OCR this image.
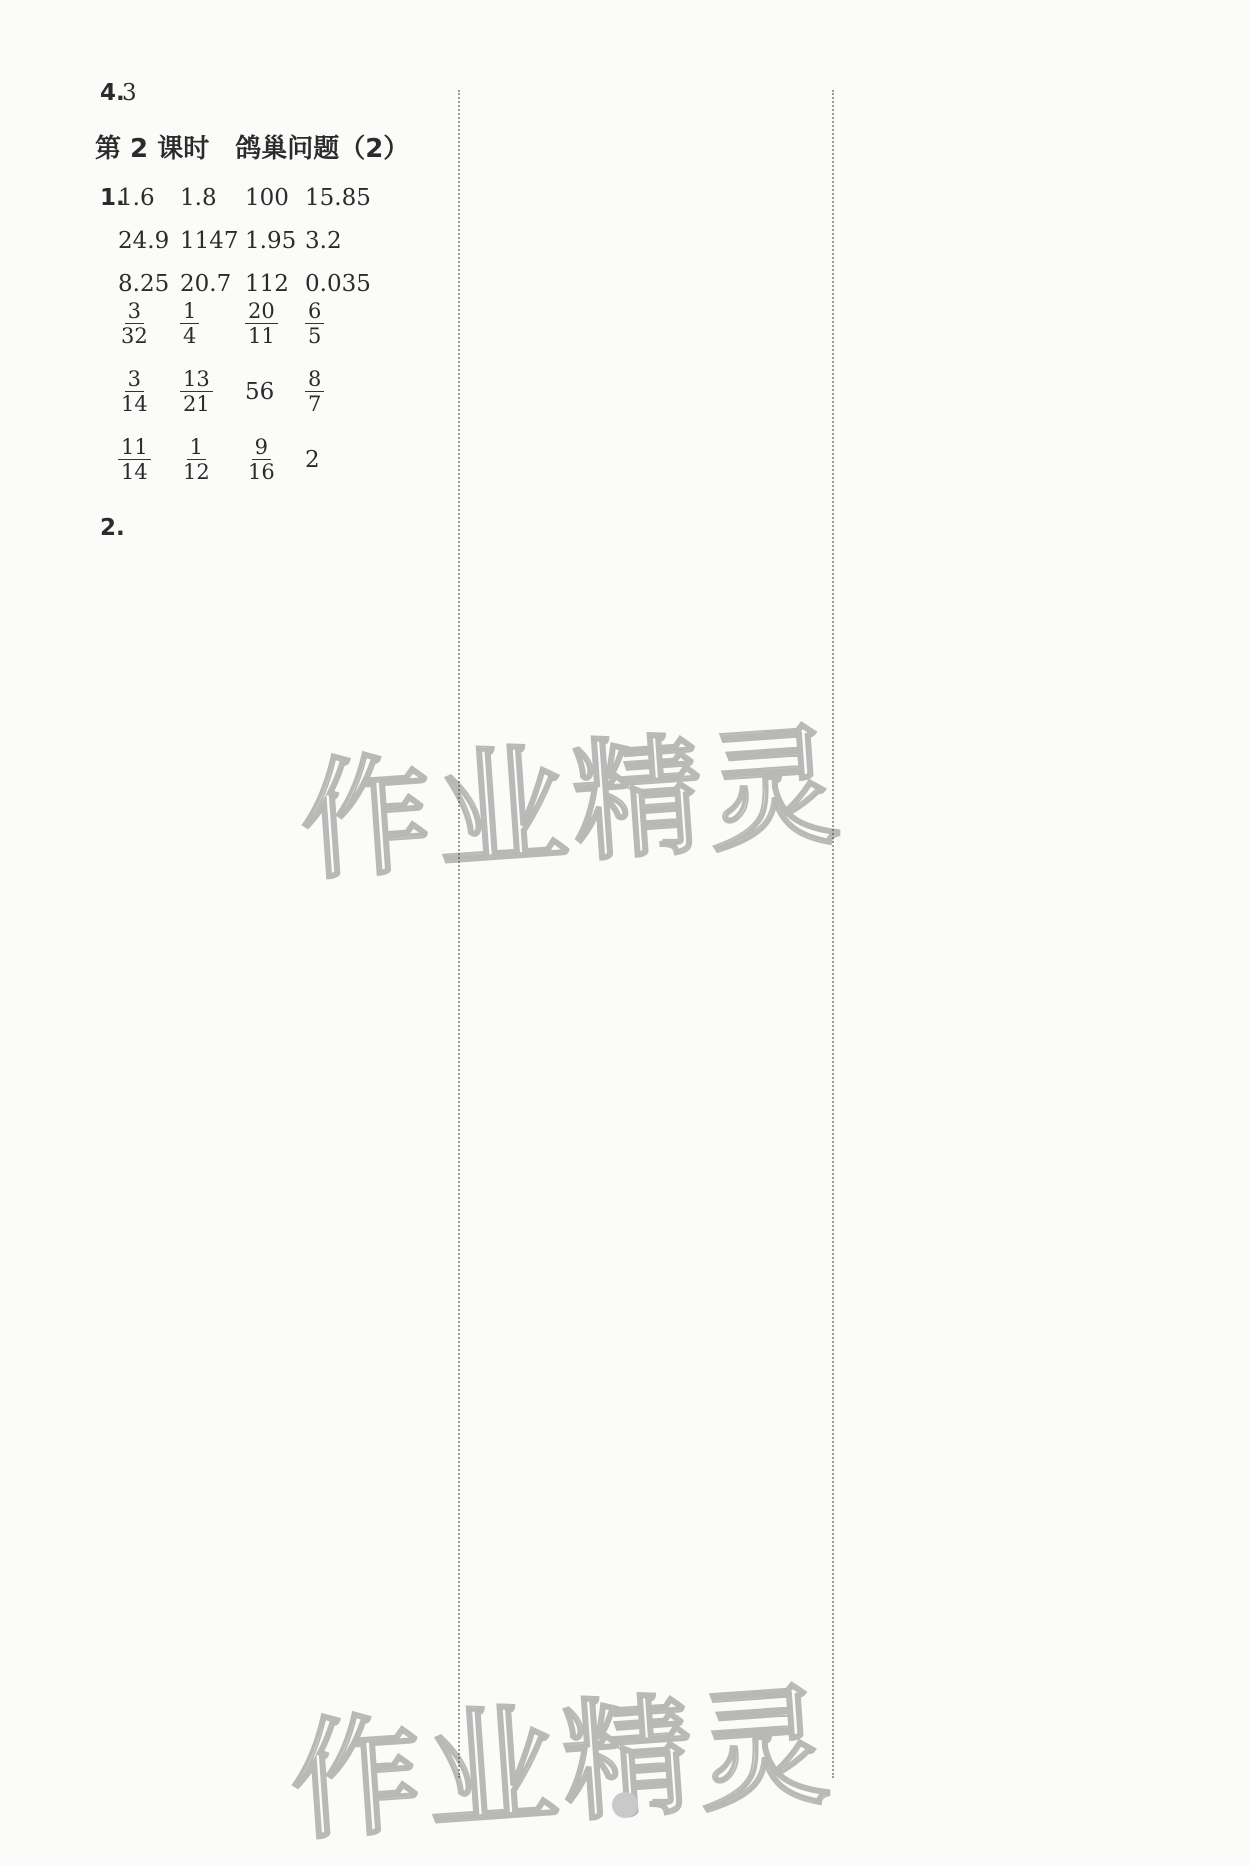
4.
3
第 2 课时　鸽巢问题（2）
1.
1.6 1.8 100 15.85
24.9 1147 1.95 3.2
8.25 20.7 112 0.035
$\frac{3}{32} \frac{1}{4} \frac{20}{11} \frac{6}{5}$
$\frac{3}{14} \frac{13}{21} 56 \frac{8}{7}$
$\frac{11}{14} \frac{1}{12} \frac{9}{16} 2$
2.
作业精灵
作业精灵
